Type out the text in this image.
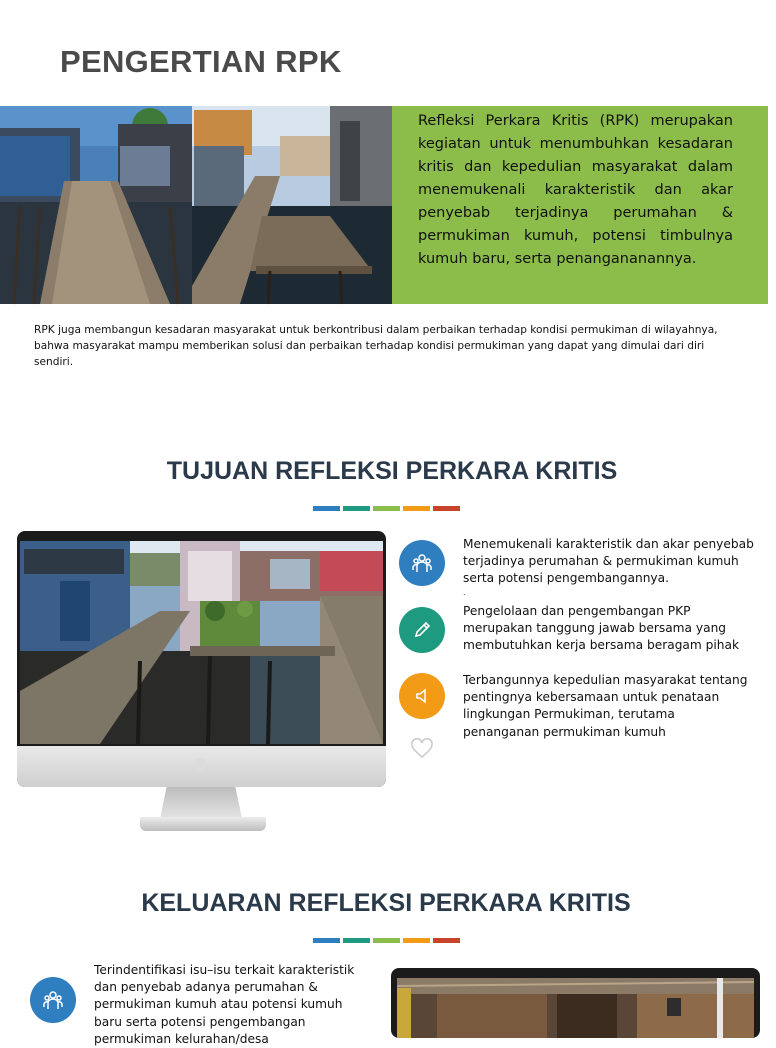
PENGERTIAN RPK

Refleksi Perkara Kritis (RPK) merupakan kegiatan untuk menumbuhkan kesadaran kritis dan kepedulian masyarakat dalam menemukenali karakteristik dan akar penyebab terjadinya perumahan & permukiman kumuh, potensi timbulnya kumuh baru, serta penangananannya.

RPK juga membangun kesadaran masyarakat untuk berkontribusi dalam perbaikan terhadap kondisi permukiman di wilayahnya, bahwa masyarakat mampu memberikan solusi dan perbaikan terhadap kondisi permukiman yang dapat yang dimulai dari diri sendiri.

TUJUAN REFLEKSI PERKARA KRITIS
Menemukenali karakteristik dan akar penyebab terjadinya perumahan & permukiman kumuh serta potensi pengembangannya.
.
Pengelolaan dan pengembangan PKP merupakan tanggung jawab bersama yang membutuhkan kerja bersama beragam pihak
Terbangunnya kepedulian masyarakat tentang pentingnya kebersamaan untuk penataan lingkungan Permukiman, terutama penanganan permukiman kumuh
KELUARAN REFLEKSI PERKARA KRITIS
Terindentifikasi isu–isu terkait karakteristik dan penyebab adanya perumahan & permukiman kumuh atau potensi kumuh baru serta potensi pengembangan permukiman kelurahan/desa
